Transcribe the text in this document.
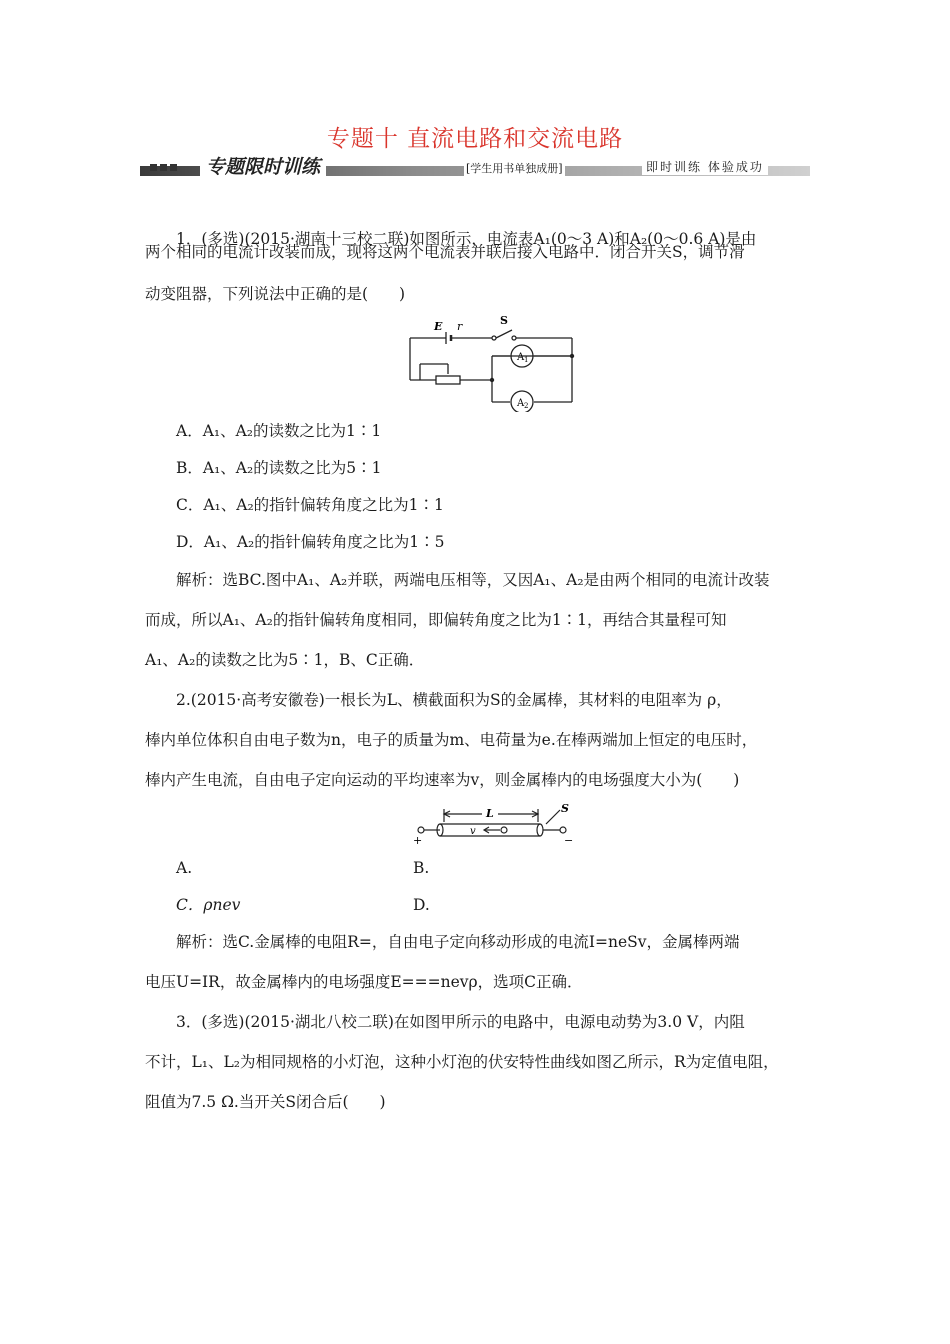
专题十 直流电路和交流电路
专题限时训练	[学生用书单独成册]	即时训练 体验成功
1．(多选)(2015·湖南十三校二联)如图所示，电流表A₁(0～3 A)和A₂(0～0.6 A)是由
两个相同的电流计改装而成，现将这两个电流表并联后接入电路中．闭合开关S，调节滑
动变阻器，下列说法中正确的是(　　)
E r	S
A 1
A 2
A．A₁、A₂的读数之比为1∶1
B．A₁、A₂的读数之比为5∶1
C．A₁、A₂的指针偏转角度之比为1∶1
D．A₁、A₂的指针偏转角度之比为1∶5
解析：选BC.图中A₁、A₂并联，两端电压相等，又因A₁、A₂是由两个相同的电流计改装
而成，所以A₁、A₂的指针偏转角度相同，即偏转角度之比为1∶1，再结合其量程可知
A₁、A₂的读数之比为5∶1，B、C正确．
2.(2015·高考安徽卷)一根长为L、横截面积为S的金属棒，其材料的电阻率为 ρ，
棒内单位体积自由电子数为n，电子的质量为m、电荷量为e.在棒两端加上恒定的电压时，
棒内产生电流，自由电子定向运动的平均速率为v，则金属棒内的电场强度大小为(　　)
L	S
v
+	−
A.	B.
C．ρnev	D.
解析：选C.金属棒的电阻R=，自由电子定向移动形成的电流I=neSv，金属棒两端
电压U=IR，故金属棒内的电场强度E===nevρ，选项C正确．
3．(多选)(2015·湖北八校二联)在如图甲所示的电路中，电源电动势为3.0 V，内阻
不计，L₁、L₂为相同规格的小灯泡，这种小灯泡的伏安特性曲线如图乙所示，R为定值电阻，
阻值为7.5 Ω.当开关S闭合后(　　)
